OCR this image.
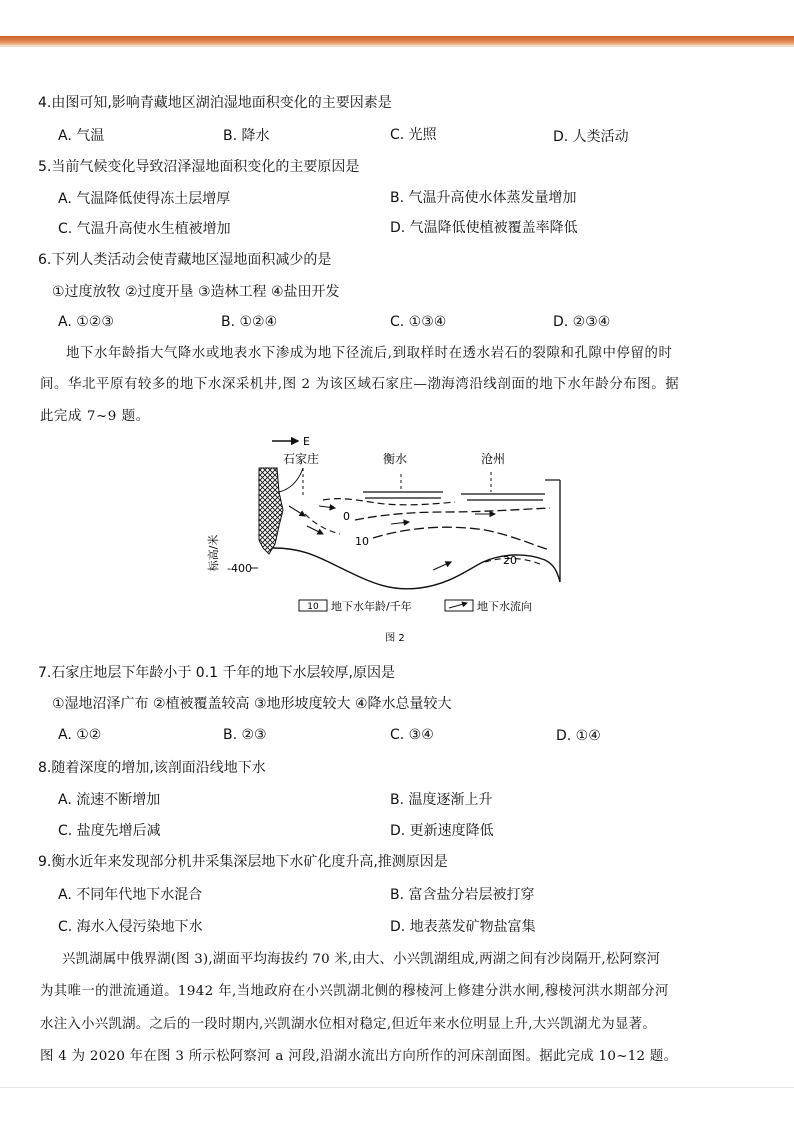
4.由图可知,影响青藏地区湖泊湿地面积变化的主要因素是
A. 气温	B. 降水	C. 光照	D. 人类活动
5.当前气候变化导致沼泽湿地面积变化的主要原因是
A. 气温降低使得冻土层增厚	B. 气温升高使水体蒸发量增加
C. 气温升高使水生植被增加	D. 气温降低使植被覆盖率降低
6.下列人类活动会使青藏地区湿地面积减少的是
①过度放牧 ②过度开垦 ③造林工程 ④盐田开发
A. ①②③	B. ①②④	C. ①③④	D. ②③④
地下水年龄指大气降水或地表水下渗成为地下径流后,到取样时在透水岩石的裂隙和孔隙中停留的时
间。华北平原有较多的地下水深采机井,图 2 为该区域石家庄—渤海湾沿线剖面的地下水年龄分布图。据
此完成 7~9 题。
E
石家庄	衡水	沧州
标高/米 -400
0
10
20
10 地下水年龄/千年	地下水流向
图 2
7.石家庄地层下年龄小于 0.1 千年的地下水层较厚,原因是
①湿地沼泽广布 ②植被覆盖较高 ③地形坡度较大 ④降水总量较大
A. ①②	B. ②③	C. ③④	D. ①④
8.随着深度的增加,该剖面沿线地下水
A. 流速不断增加	B. 温度逐渐上升
C. 盐度先增后减	D. 更新速度降低
9.衡水近年来发现部分机井采集深层地下水矿化度升高,推测原因是
A. 不同年代地下水混合	B. 富含盐分岩层被打穿
C. 海水入侵污染地下水	D. 地表蒸发矿物盐富集
兴凯湖属中俄界湖(图 3),湖面平均海拔约 70 米,由大、小兴凯湖组成,两湖之间有沙岗隔开,松阿察河
为其唯一的泄流通道。1942 年,当地政府在小兴凯湖北侧的穆棱河上修建分洪水闸,穆棱河洪水期部分河
水注入小兴凯湖。之后的一段时期内,兴凯湖水位相对稳定,但近年来水位明显上升,大兴凯湖尤为显著。
图 4 为 2020 年在图 3 所示松阿察河 a 河段,沿湖水流出方向所作的河床剖面图。据此完成 10~12 题。
